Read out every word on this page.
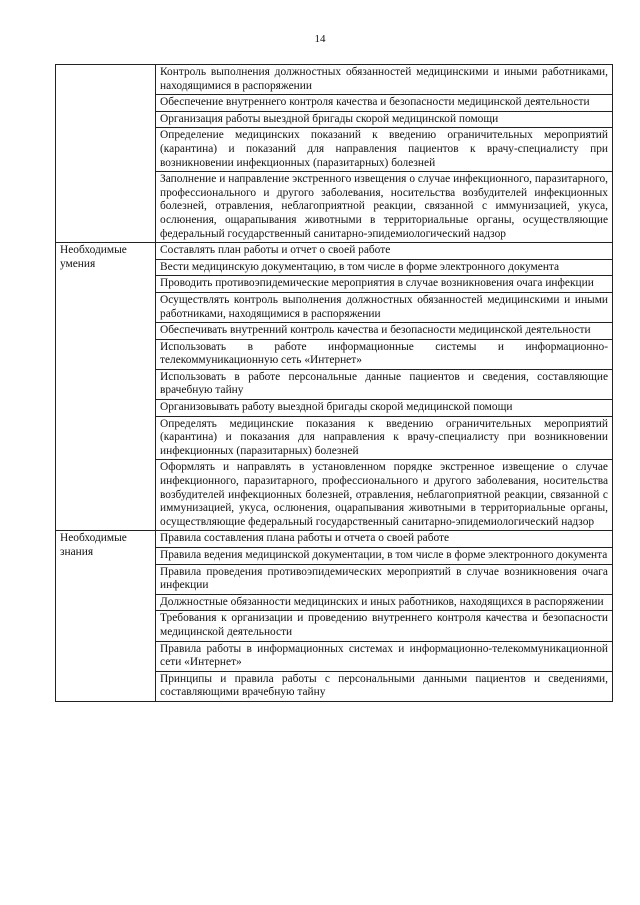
14
	Контроль выполнения должностных обязанностей медицинскими и иными работниками, находящимися в распоряжении
	Обеспечение внутреннего контроля качества и безопасности медицинской деятельности
	Организация работы выездной бригады скорой медицинской помощи
	Определение медицинских показаний к введению ограничительных мероприятий (карантина) и показаний для направления пациентов к врачу-специалисту при возникновении инфекционных (паразитарных) болезней
	Заполнение и направление экстренного извещения о случае инфекционного, паразитарного, профессионального и другого заболевания, носительства возбудителей инфекционных болезней, отравления, неблагоприятной реакции, связанной с иммунизацией, укуса, ослюнения, ощарапывания животными в территориальные органы, осуществляющие федеральный государственный санитарно-эпидемиологический надзор
Необходимые умения	Составлять план работы и отчет о своей работе
	Вести медицинскую документацию, в том числе в форме электронного документа
	Проводить противоэпидемические мероприятия в случае возникновения очага инфекции
	Осуществлять контроль выполнения должностных обязанностей медицинскими и иными работниками, находящимися в распоряжении
	Обеспечивать внутренний контроль качества и безопасности медицинской деятельности
	Использовать в работе информационные системы и информационно-телекоммуникационную сеть «Интернет»
	Использовать в работе персональные данные пациентов и сведения, составляющие врачебную тайну
	Организовывать работу выездной бригады скорой медицинской помощи
	Определять медицинские показания к введению ограничительных мероприятий (карантина) и показания для направления к врачу-специалисту при возникновении инфекционных (паразитарных) болезней
	Оформлять и направлять в установленном порядке экстренное извещение о случае инфекционного, паразитарного, профессионального и другого заболевания, носительства возбудителей инфекционных болезней, отравления, неблагоприятной реакции, связанной с иммунизацией, укуса, ослюнения, оцарапывания животными в территориальные органы, осуществляющие федеральный государственный санитарно-эпидемиологический надзор
Необходимые знания	Правила составления плана работы и отчета о своей работе
	Правила ведения медицинской документации, в том числе в форме электронного документа
	Правила проведения противоэпидемических мероприятий в случае возникновения очага инфекции
	Должностные обязанности медицинских и иных работников, находящихся в распоряжении
	Требования к организации и проведению внутреннего контроля качества и безопасности медицинской деятельности
	Правила работы в информационных системах и информационно-телекоммуникационной сети «Интернет»
	Принципы и правила работы с персональными данными пациентов и сведениями, составляющими врачебную тайну
